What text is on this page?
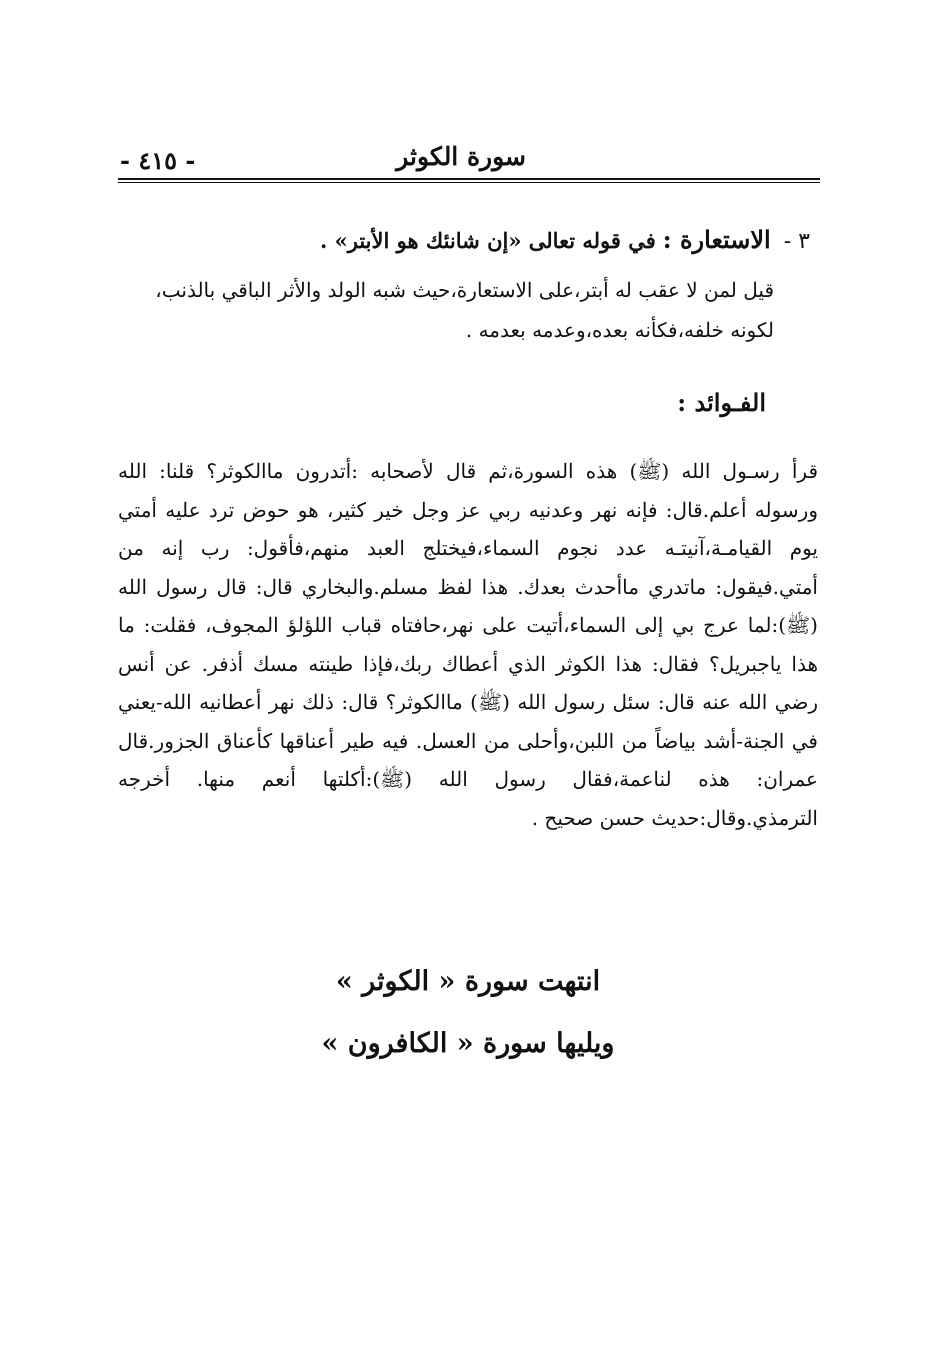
سورة الكوثر
- ٤١٥ -
٣ - الاستعارة : في قوله تعالى «إن شانئك هو الأبتر» .
قيل لمن لا عقب له أبتر،على الاستعارة،حيث شبه الولد والأثر الباقي بالذنب، لكونه خلفه،فكأنه بعده،وعدمه بعدمه .
الفـوائد :
قرأ رسـول الله (ﷺ) هذه السورة،ثم قال لأصحابه :أتدرون ماالكوثر؟ قلنا: الله ورسوله أعلم.قال: فإنه نهر وعدنيه ربي عز وجل خير كثير، هو حوض ترد عليه أمتي يوم القيامـة،آنيتـه عدد نجوم السماء،فيختلج العبد منهم،فأقول: رب إنه من أمتي.فيقول: ماتدري ماأحدث بعدك. هذا لفظ مسلم.والبخاري قال: قال رسول الله (ﷺ):لما عرج بي إلى السماء،أتيت على نهر،حافتاه قباب اللؤلؤ المجوف، فقلت: ما هذا ياجبريل؟ فقال: هذا الكوثر الذي أعطاك ربك،فإذا طينته مسك أذفر. عن أنس رضي الله عنه قال: سئل رسول الله (ﷺ) ماالكوثر؟ قال: ذلك نهر أعطانيه الله-يعني في الجنة-أشد بياضاً من اللبن،وأحلى من العسل. فيه طير أعناقها كأعناق الجزور.قال عمران: هذه لناعمة،فقال رسول الله (ﷺ):أكلتها أنعم منها. أخرجه الترمذي.وقال:حديث حسن صحيح .
انتهت سورة « الكوثر »
ويليها سورة « الكافرون »
